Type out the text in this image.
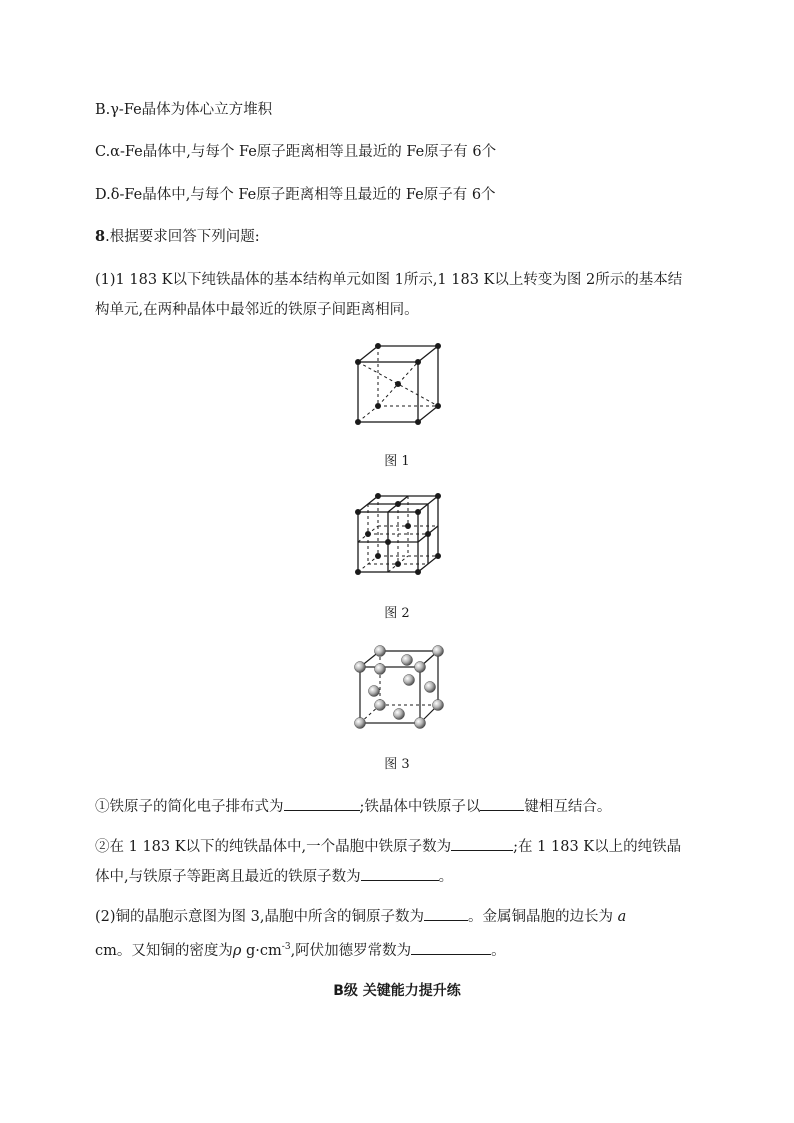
B.γ-Fe晶体为体心立方堆积
C.α-Fe晶体中,与每个 Fe原子距离相等且最近的 Fe原子有 6个
D.δ-Fe晶体中,与每个 Fe原子距离相等且最近的 Fe原子有 6个
8.根据要求回答下列问题:
(1)1 183 K以下纯铁晶体的基本结构单元如图 1所示,1 183 K以上转变为图 2所示的基本结构单元,在两种晶体中最邻近的铁原子间距离相同。
图 1
图 2
图 3
①铁原子的简化电子排布式为	;铁晶体中铁原子以	键相互结合。
②在 1 183 K以下的纯铁晶体中,一个晶胞中铁原子数为	;在 1 183 K以上的纯铁晶体中,与铁原子等距离且最近的铁原子数为	。
(2)铜的晶胞示意图为图 3,晶胞中所含的铜原子数为	。金属铜晶胞的边长为 a
cm。又知铜的密度为ρ $g\cdot cm^{-3}$,阿伏加德罗常数为	。
B级 关键能力提升练
